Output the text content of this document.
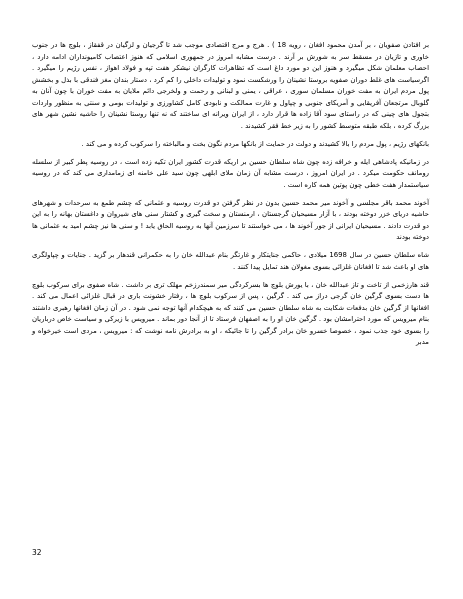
بر افتادن صفویان ، بر آمدن محمود افغان ، رویه 18 ) . هرج و مرج اقتصادی موجب شد تا گرجیان و لزگیان در قفقاز ، بلوچ ها در جنوب خاوری و تازیان در مسقط سر به شورش بر آرند . درست مشابه امروز در جمهوری اسلامی که هنوز اعتصاب کامیونداران ادامه دارد ، احصاب معلمان شکل میگیرد و هنوز این دو مورد داغ است که تظاهرات کارگران نیشکر هفت تپه و فولاد اهواز ، نفس رژیم را میگیرد . اگرسیاست های غلط دوران صفویه بروستا نشینان را ورشکست نمود و تولیدات داخلی را کم کرد ، دستار بندان مغز فندقی با بذل و بخشش پول مردم ایران به مفت خوران مسلمان سوری ، عراقی ، یمنی و لبنانی و رحمت و ولخرجی دائم ملایان به مفت خوران با چون آنان به گلوبال مرتجعان آفریقایی و آمریکای جنوبی و چپاول و غارت ممالکت و نابودی کامل کشاورزی و تولیدات بومی و سنتی به منظور واردات بتجول های چینی که در راستای سود آقا زاده ها قرار دارد ، از ایران ویرانه ای ساختند که نه تنها روستا نشینان را حاشیه نشین شهر های بزرگ کرده ، بلکه طبقه متوسط کشور را به زیر خط فقر کشیدند .

بانکهای رژیم ، پول مردم را بالا کشیدند و دولت در حمایت از بانکها مردم نگون بخت و مالباخته را سرکوب کرده و می کند .

در زمانیکه پادشاهی ایله و خرافه زده چون شاه سلطان حسین بر اریکه قدرت کشور ایران تکیه زده است ، در روسیه پطر کبیر از سلسله رومانف حکومت میکرد . در ایران امروز ، درست مشابه آن زمان ملای ابلهی چون سید علی خامنه ای زمامداری می کند که در روسیه سیاستمدار هفت خطی چون پوتین همه کاره است .

آخوند محمد باقر مجلسی و آخوند میر محمد حسین بدون در نظر گرفتن دو قدرت روسیه و عثمانی که چشم طمع به سرحدات و شهرهای حاشیه دریای خزر دوخته بودند ، با آزار مسیحیان گرجستان ، ارمنستان و سخت گیری و کشتار سنی های شیروان و داغستان بهانه را به این دو قدرت دادند . مسیحیان ایرانی از جور آخوند ها ، می خواستند تا سرزمین آنها به روسیه الحاق یابد ! و سنی ها نیز چشم امید به عثمانی ها دوخته بودند

شاه سلطان حسین در سال 1698 میلادی ، حاکمی جنایتکار و غارتگر بنام عبدالله خان را به حکمرانی قندهار بر گزید . جنایات و چپاولگری های او باعث شد تا افغانان غلزائی بسوی مغولان هند تمایل پیدا کنند .

قند هارزخمی از تاخت و تاز عبدالله خان ، با یورش بلوچ ها بسرکردگی میر سمندرزخم مهلک تری بر داشت . شاه صفوی برای سرکوب بلوچ ها دست بسوی گرگین خان گرجی دراز می کند . گرگین ، پس از سرکوب بلوچ ها ، رفتار خشونت باری در قبال غلزائی اعمال می کند . افغانها از گرگین خان بدفعات شکایت به شاه سلطان حسین می کنند که به هیچکدام آنها توجه نمی شود . در آن زمان افغانها رهبری داشتند بنام میرویس که مورد احترامشان بود . گرگین خان او را به اصفهان فرستاد تا از آنجا دور بماند . میرویس با زیرکی و سیاست خاص درباریان را بسوی خود جذب نمود ، خصوصا خسرو خان برادر گرگین را تا جائیکه ، او به برادرش نامه نوشت که : میرویس ، مردی است خیرخواه و مدبر

32
